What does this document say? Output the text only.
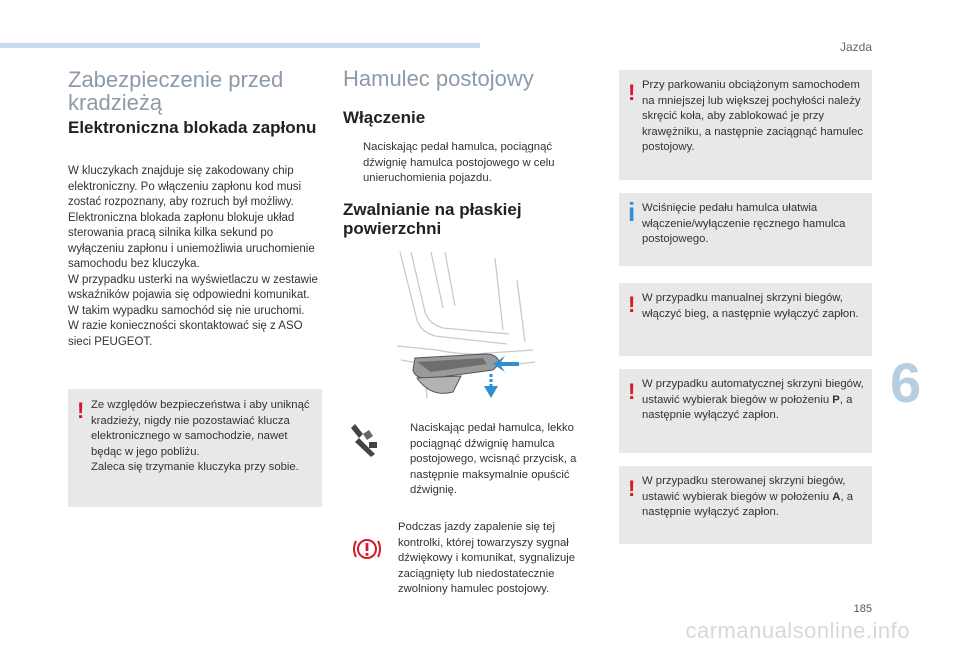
Jazda
6
185
carmanualsonline.info
Zabezpieczenie przed kradzieżą
Elektroniczna blokada zapłonu

W kluczykach znajduje się zakodowany chip elektroniczny. Po włączeniu zapłonu kod musi zostać rozpoznany, aby rozruch był możliwy.

Elektroniczna blokada zapłonu blokuje układ sterowania pracą silnika kilka sekund po wyłączeniu zapłonu i uniemożliwia uruchomienie samochodu bez kluczyka.

W przypadku usterki na wyświetlaczu w zestawie wskaźników pojawia się odpowiedni komunikat.

W takim wypadku samochód się nie uruchomi.

W razie konieczności skontaktować się z ASO sieci PEUGEOT.

! Ze względów bezpieczeństwa i aby uniknąć kradzieży, nigdy nie pozostawiać klucza elektronicznego w samochodzie, nawet będąc w jego pobliżu.

Zaleca się trzymanie kluczyka przy sobie.

Hamulec postojowy
Włączenie
Naciskając pedał hamulca, pociągnąć dźwignię hamulca postojowego w celu unieruchomienia pojazdu.
Zwalnianie na płaskiej powierzchni
Naciskając pedał hamulca, lekko pociągnąć dźwignię hamulca postojowego, wcisnąć przycisk, a następnie maksymalnie opuścić dźwignię.
Podczas jazdy zapalenie się tej kontrolki, której towarzyszy sygnał dźwiękowy i komunikat, sygnalizuje zaciągnięty lub niedostatecznie zwolniony hamulec postojowy.
! Przy parkowaniu obciążonym samochodem na mniejszej lub większej pochyłości należy skręcić koła, aby zablokować je przy krawężniku, a następnie zaciągnąć hamulec postojowy.
i Wciśnięcie pedału hamulca ułatwia włączenie/wyłączenie ręcznego hamulca postojowego.
! W przypadku manualnej skrzyni biegów, włączyć bieg, a następnie wyłączyć zapłon.
! W przypadku automatycznej skrzyni biegów, ustawić wybierak biegów w położeniu P, a następnie wyłączyć zapłon.
! W przypadku sterowanej skrzyni biegów, ustawić wybierak biegów w położeniu A, a następnie wyłączyć zapłon.
